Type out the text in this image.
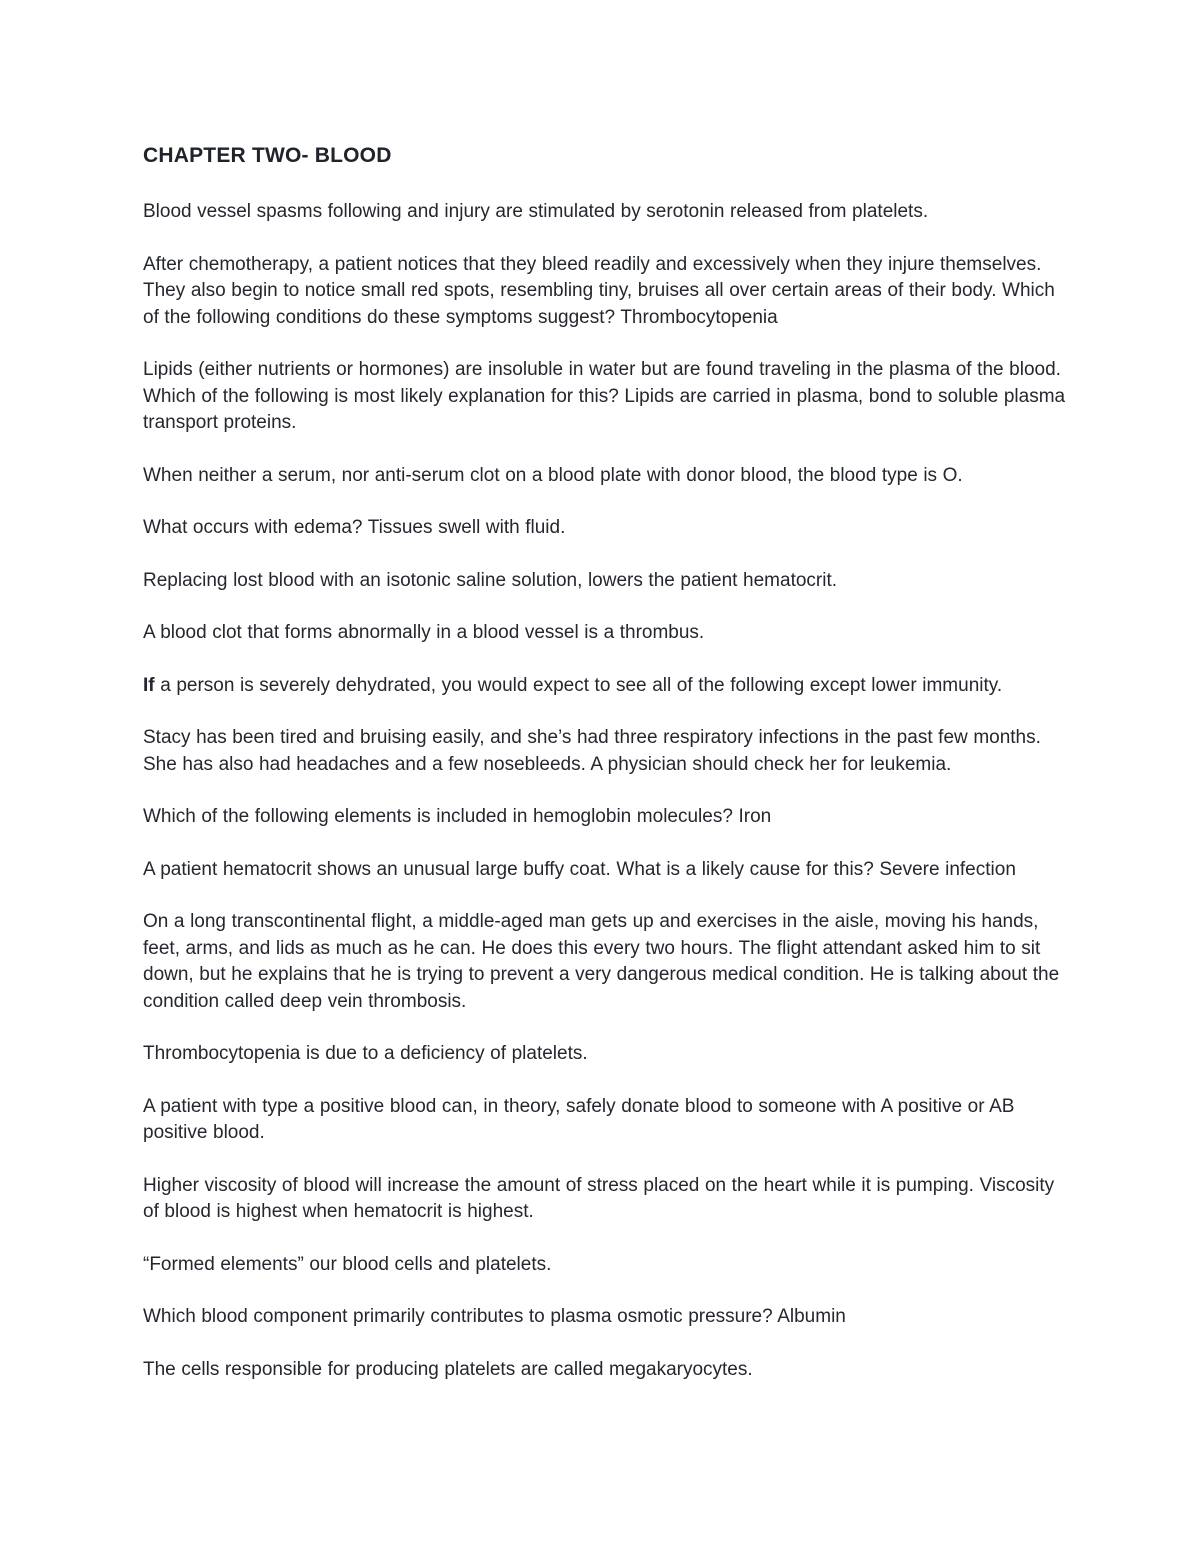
CHAPTER TWO- BLOOD

Blood vessel spasms following and injury are stimulated by serotonin released from platelets.

After chemotherapy, a patient notices that they bleed readily and excessively when they injure themselves. They also begin to notice small red spots, resembling tiny, bruises all over certain areas of their body. Which of the following conditions do these symptoms suggest? Thrombocytopenia

Lipids (either nutrients or hormones) are insoluble in water but are found traveling in the plasma of the blood. Which of the following is most likely explanation for this? Lipids are carried in plasma, bond to soluble plasma transport proteins.

When neither a serum, nor anti-serum clot on a blood plate with donor blood, the blood type is O.

What occurs with edema? Tissues swell with fluid.

Replacing lost blood with an isotonic saline solution, lowers the patient hematocrit.

A blood clot that forms abnormally in a blood vessel is a thrombus.

If a person is severely dehydrated, you would expect to see all of the following except lower immunity.

Stacy has been tired and bruising easily, and she’s had three respiratory infections in the past few months. She has also had headaches and a few nosebleeds. A physician should check her for leukemia.

Which of the following elements is included in hemoglobin molecules? Iron

A patient hematocrit shows an unusual large buffy coat. What is a likely cause for this? Severe infection

On a long transcontinental flight, a middle-aged man gets up and exercises in the aisle, moving his hands, feet, arms, and lids as much as he can. He does this every two hours. The flight attendant asked him to sit down, but he explains that he is trying to prevent a very dangerous medical condition. He is talking about the condition called deep vein thrombosis.

Thrombocytopenia is due to a deficiency of platelets.

A patient with type a positive blood can, in theory, safely donate blood to someone with A positive or AB positive blood.

Higher viscosity of blood will increase the amount of stress placed on the heart while it is pumping. Viscosity of blood is highest when hematocrit is highest.

“Formed elements” our blood cells and platelets.

Which blood component primarily contributes to plasma osmotic pressure? Albumin

The cells responsible for producing platelets are called megakaryocytes.
